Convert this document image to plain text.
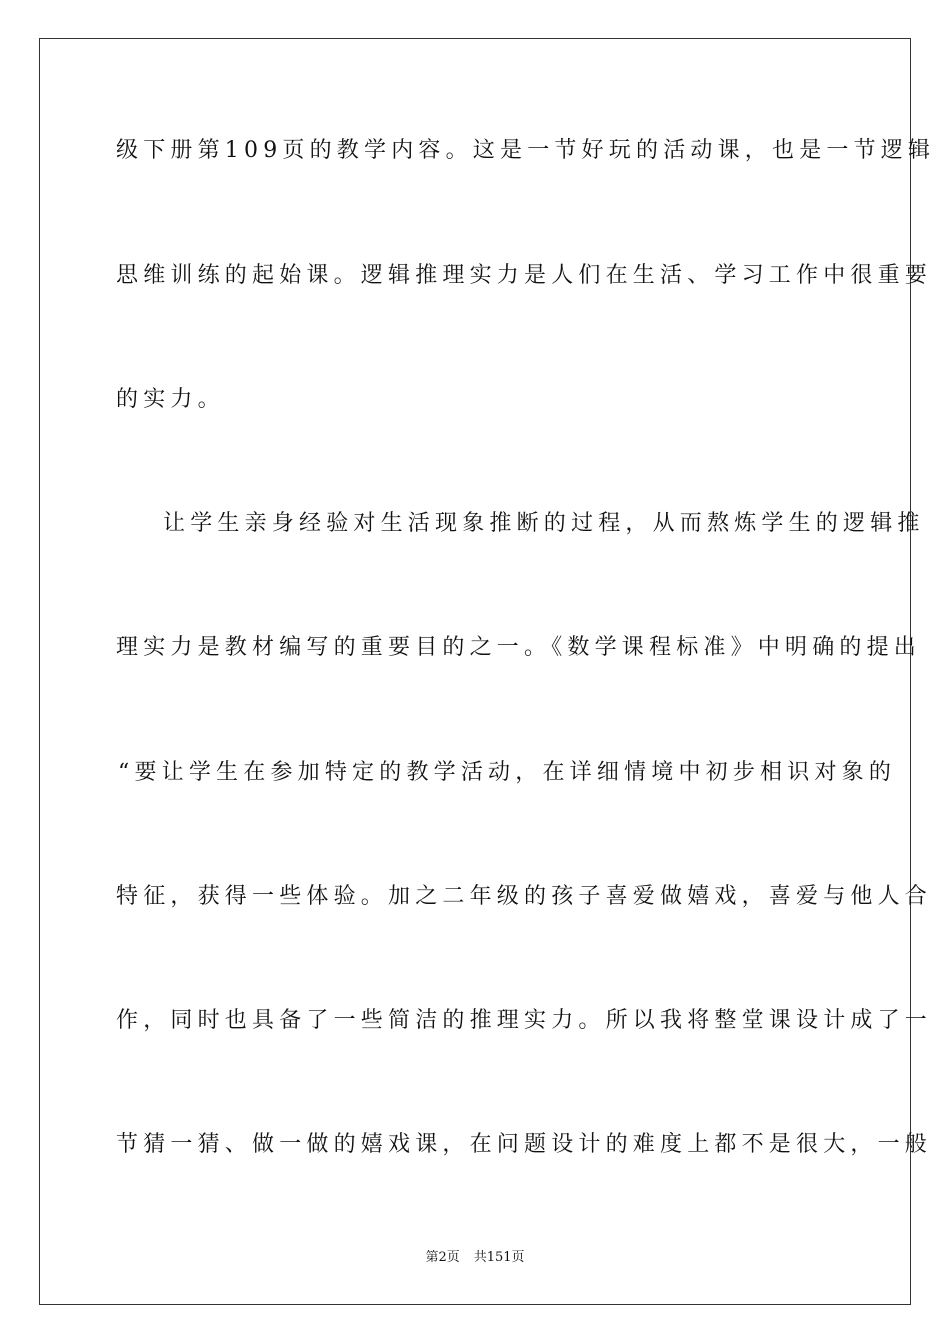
级下册第109页的教学内容。这是一节好玩的活动课，也是一节逻辑
思维训练的起始课。逻辑推理实力是人们在生活、学习工作中很重要
的实力。
让学生亲身经验对生活现象推断的过程，从而熬炼学生的逻辑推
理实力是教材编写的重要目的之一。《数学课程标准》中明确的提出
“要让学生在参加特定的教学活动，在详细情境中初步相识对象的
特征，获得一些体验。加之二年级的孩子喜爱做嬉戏，喜爱与他人合
作，同时也具备了一些简洁的推理实力。所以我将整堂课设计成了一
节猜一猜、做一做的嬉戏课，在问题设计的难度上都不是很大，一般
第2页 共151页
